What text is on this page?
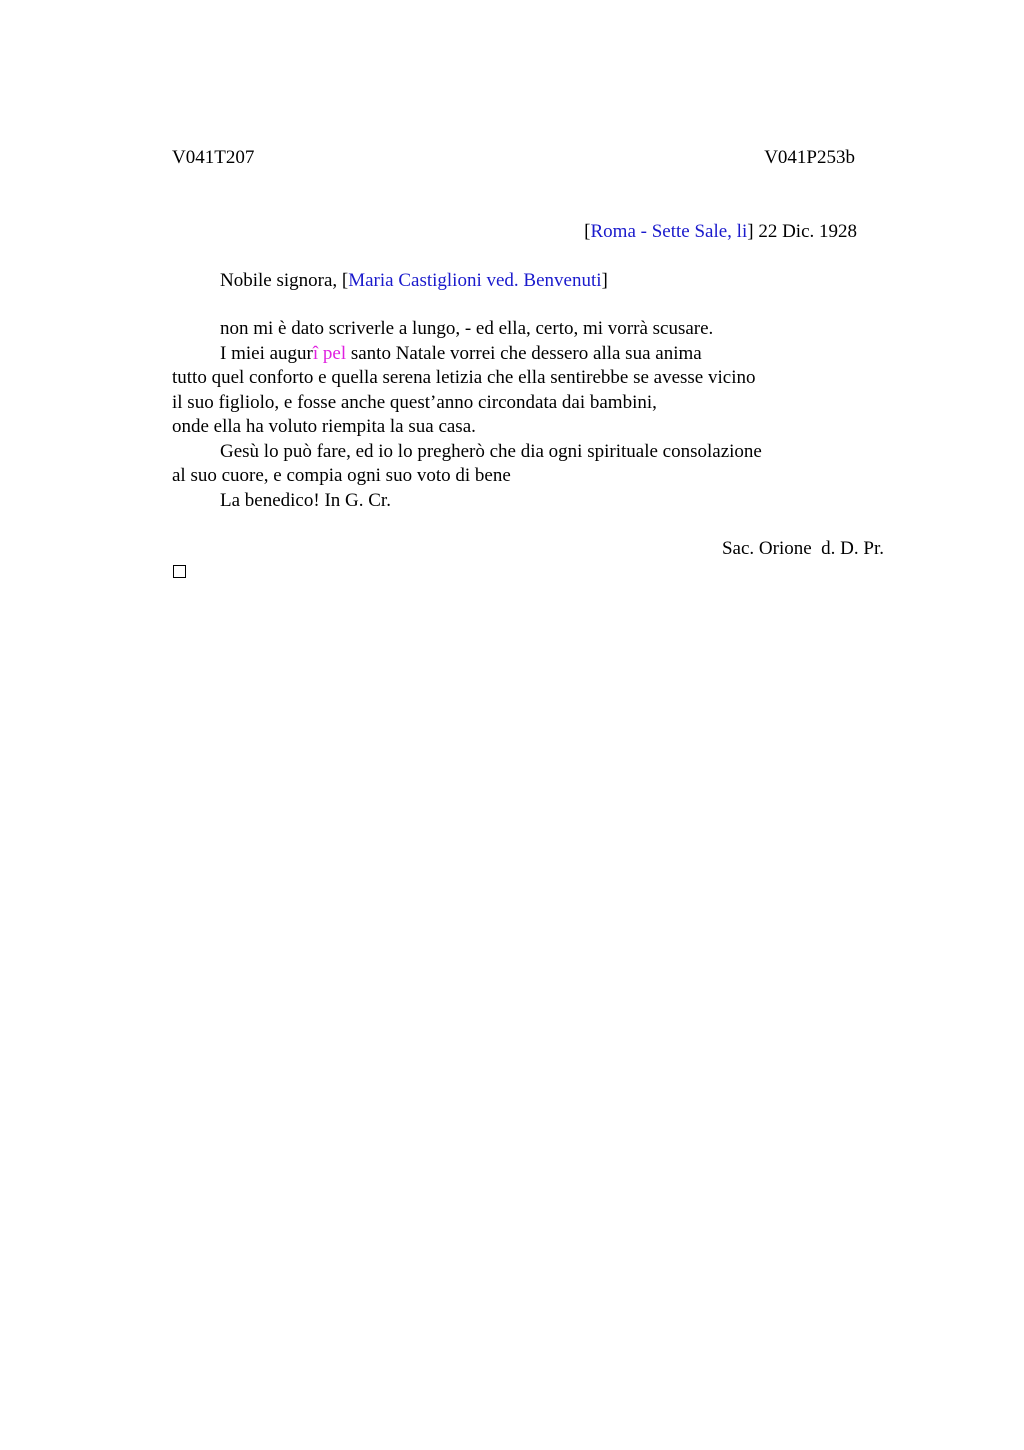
V041T207	V041P253b
[Roma - Sette Sale, li] 22 Dic. 1928
Nobile signora, [Maria Castiglioni ved. Benvenuti]
non mi è dato scriverle a lungo, - ed ella, certo, mi vorrà scusare.
I miei augurî pel santo Natale vorrei che dessero alla sua anima
tutto quel conforto e quella serena letizia che ella sentirebbe se avesse vicino
il suo figliolo, e fosse anche quest’anno circondata dai bambini,
onde ella ha voluto riempita la sua casa.
Gesù lo può fare, ed io lo pregherò che dia ogni spirituale consolazione
al suo cuore, e compia ogni suo voto di bene
La benedico! In G. Cr.
Sac. Orione  d. D. Pr.
